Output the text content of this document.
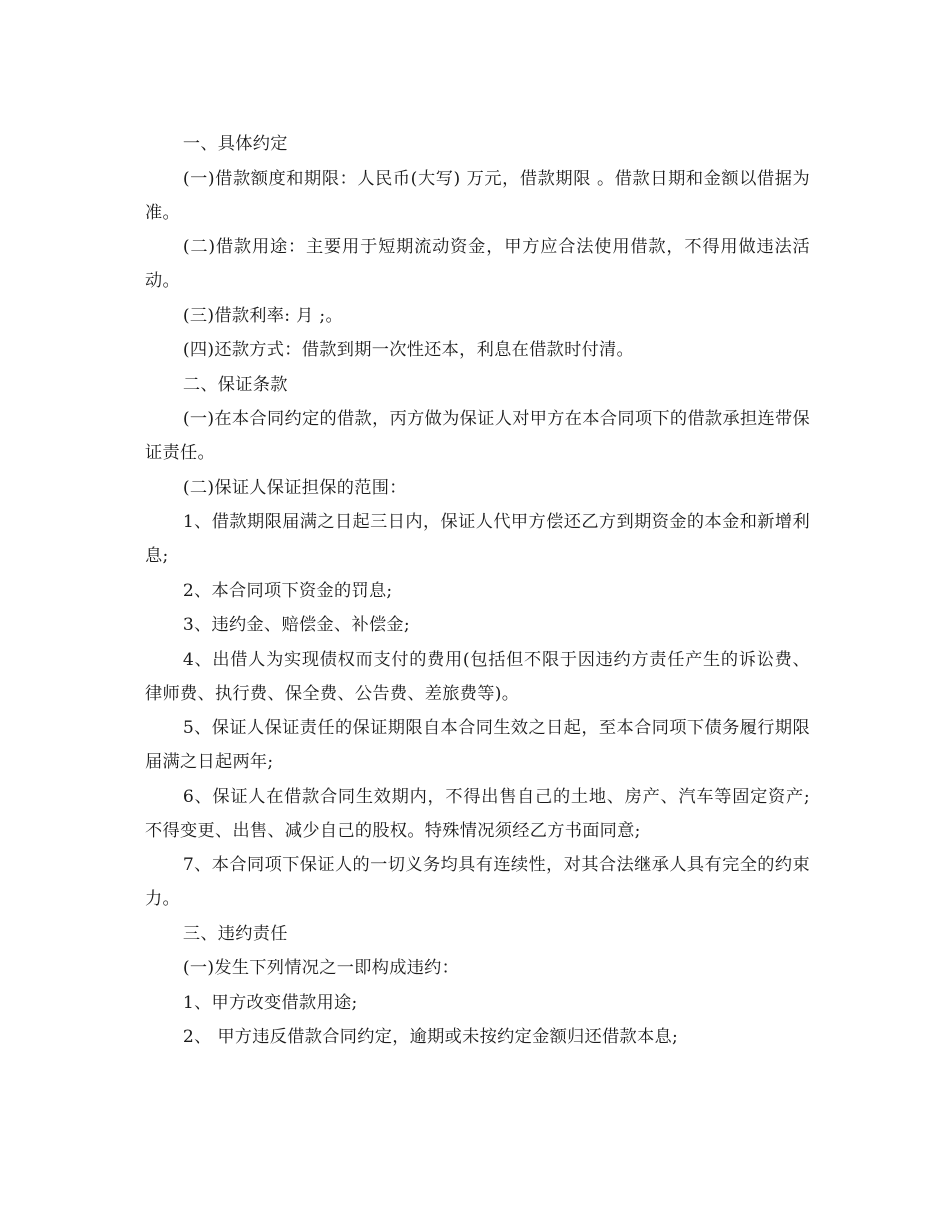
一、具体约定

(一)借款额度和期限：人民币(大写) 万元，借款期限 。借款日期和金额以借据为准。

(二)借款用途：主要用于短期流动资金，甲方应合法使用借款，不得用做违法活动。

(三)借款利率: 月 ;。

(四)还款方式：借款到期一次性还本，利息在借款时付清。

二、保证条款

(一)在本合同约定的借款，丙方做为保证人对甲方在本合同项下的借款承担连带保证责任。

(二)保证人保证担保的范围：

1、借款期限届满之日起三日内，保证人代甲方偿还乙方到期资金的本金和新增利息;

2、本合同项下资金的罚息;

3、违约金、赔偿金、补偿金;

4、出借人为实现债权而支付的费用(包括但不限于因违约方责任产生的诉讼费、律师费、执行费、保全费、公告费、差旅费等)。

5、保证人保证责任的保证期限自本合同生效之日起，至本合同项下债务履行期限届满之日起两年;

6、保证人在借款合同生效期内，不得出售自己的土地、房产、汽车等固定资产;不得变更、出售、减少自己的股权。特殊情况须经乙方书面同意;

7、本合同项下保证人的一切义务均具有连续性，对其合法继承人具有完全的约束力。

三、违约责任

(一)发生下列情况之一即构成违约：

1、甲方改变借款用途;

2、 甲方违反借款合同约定，逾期或未按约定金额归还借款本息;
